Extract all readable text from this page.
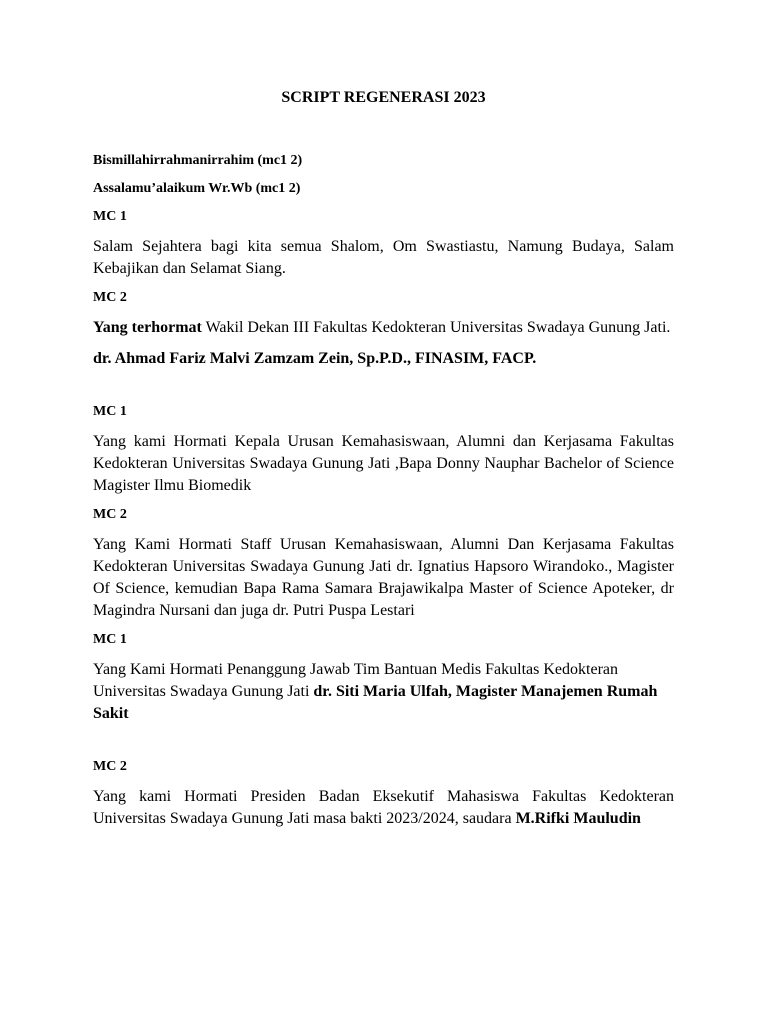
SCRIPT REGENERASI 2023

Bismillahirrahmanirrahim (mc1 2)

Assalamu’alaikum Wr.Wb (mc1 2)

MC 1

Salam Sejahtera bagi kita semua Shalom, Om Swastiastu, Namung Budaya, Salam Kebajikan dan Selamat Siang.

MC 2

Yang terhormat Wakil Dekan III Fakultas Kedokteran Universitas Swadaya Gunung Jati.

dr. Ahmad Fariz Malvi Zamzam Zein, Sp.P.D., FINASIM, FACP.

MC 1

Yang kami Hormati Kepala Urusan Kemahasiswaan, Alumni dan Kerjasama Fakultas Kedokteran Universitas Swadaya Gunung Jati ,Bapa Donny Nauphar Bachelor of Science Magister Ilmu Biomedik

MC 2

Yang Kami Hormati Staff Urusan Kemahasiswaan, Alumni Dan Kerjasama Fakultas Kedokteran Universitas Swadaya Gunung Jati dr. Ignatius Hapsoro Wirandoko., Magister Of Science, kemudian Bapa Rama Samara Brajawikalpa Master of Science Apoteker, dr Magindra Nursani dan juga dr. Putri Puspa Lestari

MC 1

Yang Kami Hormati Penanggung Jawab Tim Bantuan Medis Fakultas Kedokteran Universitas Swadaya Gunung Jati dr. Siti Maria Ulfah, Magister Manajemen Rumah Sakit

MC 2

Yang kami Hormati Presiden Badan Eksekutif Mahasiswa Fakultas Kedokteran Universitas Swadaya Gunung Jati masa bakti 2023/2024, saudara M.Rifki Mauludin
